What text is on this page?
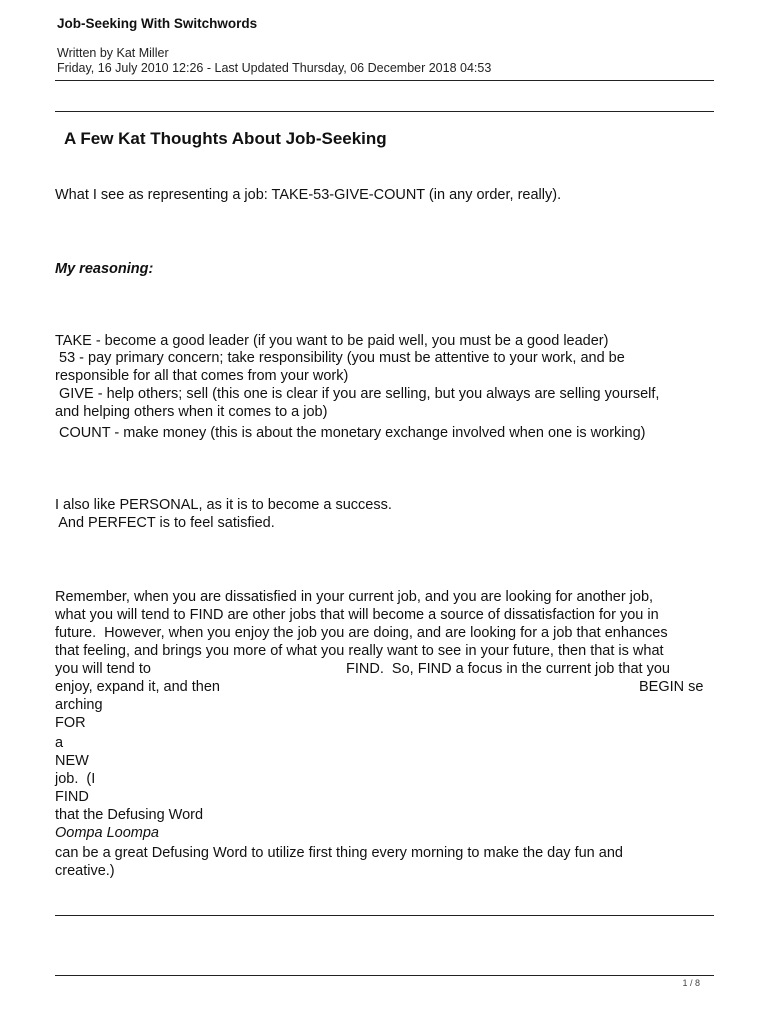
Job-Seeking With Switchwords
Written by Kat Miller
Friday, 16 July 2010 12:26 - Last Updated Thursday, 06 December 2018 04:53
A Few Kat Thoughts About Job-Seeking
What I see as representing a job: TAKE-53-GIVE-COUNT (in any order, really).
My reasoning:
TAKE - become a good leader (if you want to be paid well, you must be a good leader)
53 - pay primary concern; take responsibility (you must be attentive to your work, and be
responsible for all that comes from your work)
GIVE - help others; sell (this one is clear if you are selling, but you always are selling yourself,
and helping others when it comes to a job)
COUNT - make money (this is about the monetary exchange involved when one is working)
I also like PERSONAL, as it is to become a success.
And PERFECT is to feel satisfied.
Remember, when you are dissatisfied in your current job, and you are looking for another job,
what you will tend to FIND are other jobs that will become a source of dissatisfaction for you in
future.  However, when you enjoy the job you are doing, and are looking for a job that enhances
that feeling, and brings you more of what you really want to see in your future, then that is what
you will tend to	FIND.  So, FIND a focus in the current job that you
enjoy, expand it, and then	BEGIN se
arching
FOR
a
NEW
job.  (I
FIND
that the Defusing Word
Oompa Loompa
can be a great Defusing Word to utilize first thing every morning to make the day fun and
creative.)
1 / 8
